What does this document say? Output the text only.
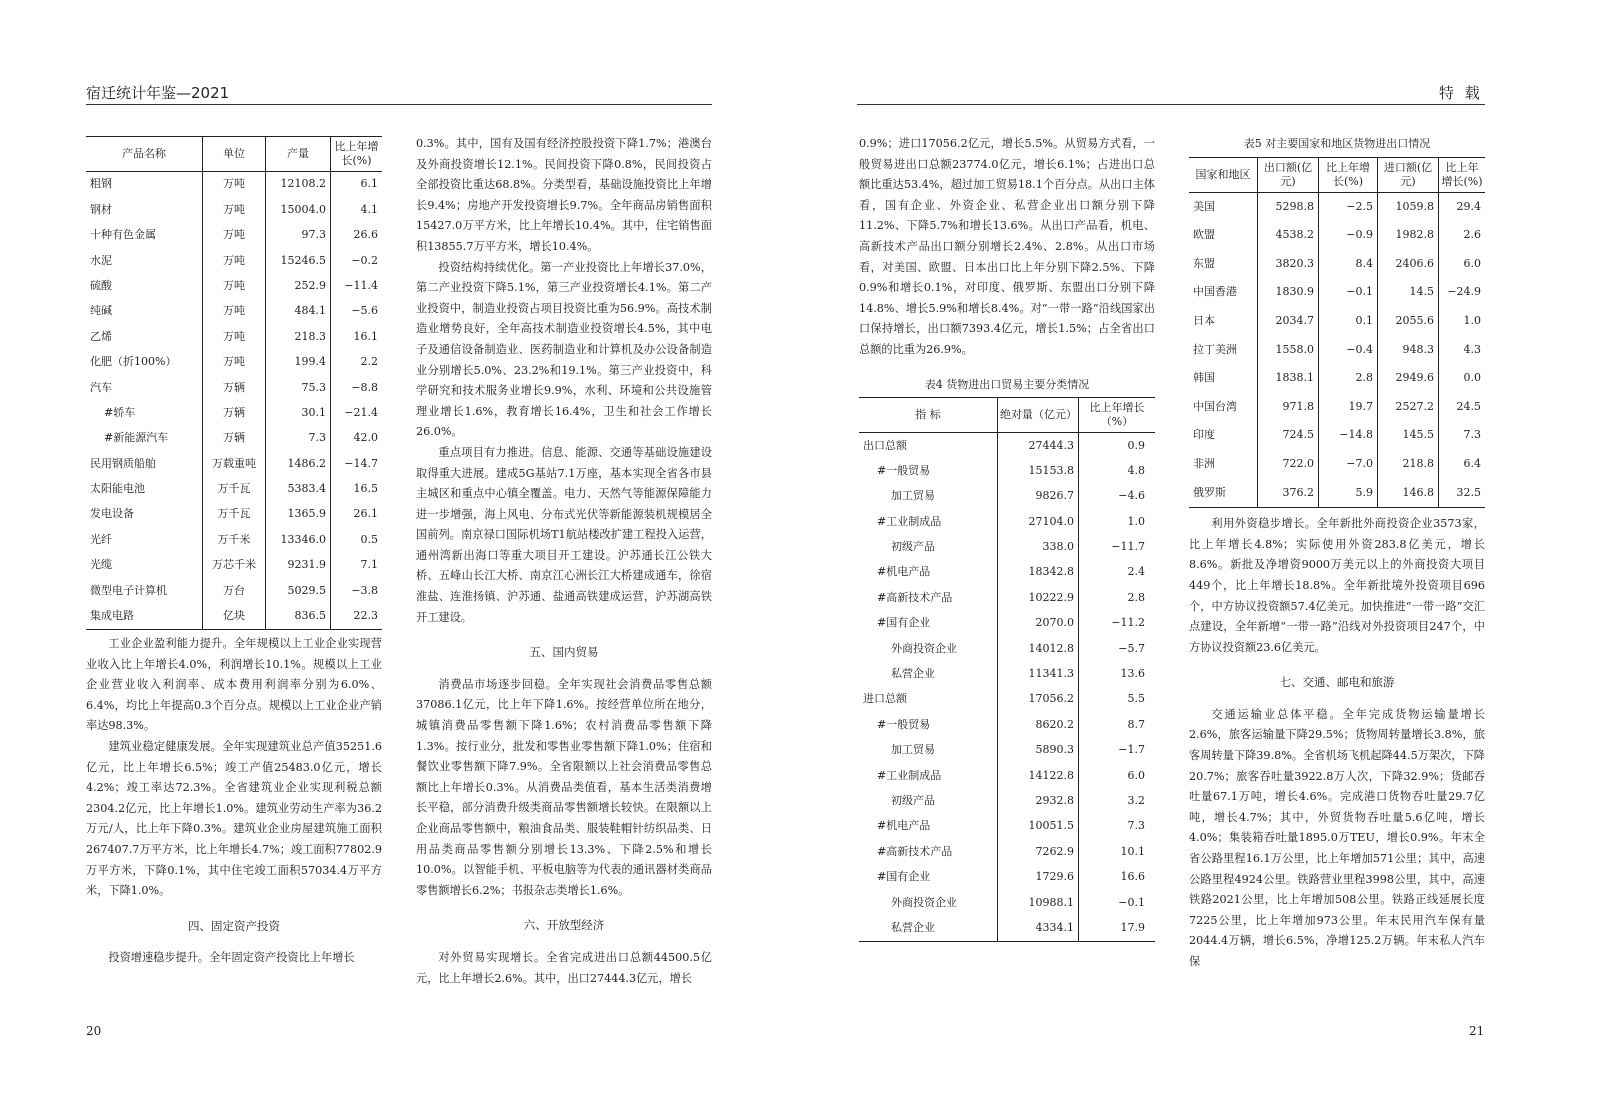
宿迁统计年鉴—2021
产品名称	单位	产量	比上年增长(%)
粗钢	万吨	12108.2	6.1
钢材	万吨	15004.0	4.1
十种有色金属	万吨	97.3	26.6
水泥	万吨	15246.5	−0.2
硫酸	万吨	252.9	−11.4
纯碱	万吨	484.1	−5.6
乙烯	万吨	218.3	16.1
化肥（折100%）	万吨	199.4	2.2
汽车	万辆	75.3	−8.8
#轿车	万辆	30.1	−21.4
#新能源汽车	万辆	7.3	42.0
民用钢质船舶	万载重吨	1486.2	−14.7
太阳能电池	万千瓦	5383.4	16.5
发电设备	万千瓦	1365.9	26.1
光纤	万千米	13346.0	0.5
光缆	万芯千米	9231.9	7.1
微型电子计算机	万台	5029.5	−3.8
集成电路	亿块	836.5	22.3

工业企业盈利能力提升。全年规模以上工业企业实现营业收入比上年增长4.0%，利润增长10.1%。规模以上工业企业营业收入利润率、成本费用利润率分别为6.0%、6.4%，均比上年提高0.3个百分点。规模以上工业企业产销率达98.3%。

建筑业稳定健康发展。全年实现建筑业总产值35251.6亿元，比上年增长6.5%；竣工产值25483.0亿元，增长4.2%；竣工率达72.3%。全省建筑业企业实现利税总额2304.2亿元，比上年增长1.0%。建筑业劳动生产率为36.2万元/人，比上年下降0.3%。建筑业企业房屋建筑施工面积267407.7万平方米，比上年增长4.7%；竣工面积77802.9万平方米，下降0.1%，其中住宅竣工面积57034.4万平方米，下降1.0%。

四、固定资产投资

投资增速稳步提升。全年固定资产投资比上年增长

0.3%。其中，国有及国有经济控股投资下降1.7%；港澳台及外商投资增长12.1%。民间投资下降0.8%，民间投资占全部投资比重达68.8%。分类型看，基础设施投资比上年增长9.4%；房地产开发投资增长9.7%。全年商品房销售面积15427.0万平方米，比上年增长10.4%。其中，住宅销售面积13855.7万平方米，增长10.4%。

投资结构持续优化。第一产业投资比上年增长37.0%，第二产业投资下降5.1%，第三产业投资增长4.1%。第二产业投资中，制造业投资占项目投资比重为56.9%。高技术制造业增势良好，全年高技术制造业投资增长4.5%，其中电子及通信设备制造业、医药制造业和计算机及办公设备制造业分别增长5.0%、23.2%和19.1%。第三产业投资中，科学研究和技术服务业增长9.9%，水利、环境和公共设施管理业增长1.6%，教育增长16.4%，卫生和社会工作增长26.0%。

重点项目有力推进。信息、能源、交通等基础设施建设取得重大进展。建成5G基站7.1万座，基本实现全省各市县主城区和重点中心镇全覆盖。电力、天然气等能源保障能力进一步增强，海上风电、分布式光伏等新能源装机规模居全国前列。南京禄口国际机场T1航站楼改扩建工程投入运营，通州湾新出海口等重大项目开工建设。沪苏通长江公铁大桥、五峰山长江大桥、南京江心洲长江大桥建成通车，徐宿淮盐、连淮扬镇、沪苏通、盐通高铁建成运营，沪苏湖高铁开工建设。

五、国内贸易

消费品市场逐步回稳。全年实现社会消费品零售总额37086.1亿元，比上年下降1.6%。按经营单位所在地分，城镇消费品零售额下降1.6%；农村消费品零售额下降1.3%。按行业分，批发和零售业零售额下降1.0%；住宿和餐饮业零售额下降7.9%。全省限额以上社会消费品零售总额比上年增长0.3%。从消费品类值看，基本生活类消费增长平稳，部分消费升级类商品零售额增长较快。在限额以上企业商品零售额中，粮油食品类、服装鞋帽针纺织品类、日用品类商品零售额分别增长13.3%、下降2.5%和增长10.0%。以智能手机、平板电脑等为代表的通讯器材类商品零售额增长6.2%；书报杂志类增长1.6%。

六、开放型经济

对外贸易实现增长。全省完成进出口总额44500.5亿元，比上年增长2.6%。其中，出口27444.3亿元，增长

20
特 载

0.9%；进口17056.2亿元，增长5.5%。从贸易方式看，一般贸易进出口总额23774.0亿元，增长6.1%；占进出口总额比重达53.4%，超过加工贸易18.1个百分点。从出口主体看，国有企业、外资企业、私营企业出口额分别下降11.2%、下降5.7%和增长13.6%。从出口产品看，机电、高新技术产品出口额分别增长2.4%、2.8%。从出口市场看，对美国、欧盟、日本出口比上年分别下降2.5%、下降0.9%和增长0.1%，对印度、俄罗斯、东盟出口分别下降14.8%、增长5.9%和增长8.4%。对“一带一路”沿线国家出口保持增长，出口额7393.4亿元，增长1.5%；占全省出口总额的比重为26.9%。

表4 货物进出口贸易主要分类情况
指 标	绝对量（亿元）	比上年增长（%）
出口总额	27444.3	0.9
#一般贸易	15153.8	4.8
加工贸易	9826.7	−4.6
#工业制成品	27104.0	1.0
初级产品	338.0	−11.7
#机电产品	18342.8	2.4
#高新技术产品	10222.9	2.8
#国有企业	2070.0	−11.2
外商投资企业	14012.8	−5.7
私营企业	11341.3	13.6
进口总额	17056.2	5.5
#一般贸易	8620.2	8.7
加工贸易	5890.3	−1.7
#工业制成品	14122.8	6.0
初级产品	2932.8	3.2
#机电产品	10051.5	7.3
#高新技术产品	7262.9	10.1
#国有企业	1729.6	16.6
外商投资企业	10988.1	−0.1
私营企业	4334.1	17.9
表5 对主要国家和地区货物进出口情况
国家和地区	出口额(亿元)	比上年增长(%)	进口额(亿元)	比上年增长(%)
美国	5298.8	−2.5	1059.8	29.4
欧盟	4538.2	−0.9	1982.8	2.6
东盟	3820.3	8.4	2406.6	6.0
中国香港	1830.9	−0.1	14.5	−24.9
日本	2034.7	0.1	2055.6	1.0
拉丁美洲	1558.0	−0.4	948.3	4.3
韩国	1838.1	2.8	2949.6	0.0
中国台湾	971.8	19.7	2527.2	24.5
印度	724.5	−14.8	145.5	7.3
非洲	722.0	−7.0	218.8	6.4
俄罗斯	376.2	5.9	146.8	32.5

利用外资稳步增长。全年新批外商投资企业3573家，比上年增长4.8%；实际使用外资283.8亿美元，增长8.6%。新批及净增资9000万美元以上的外商投资大项目449个，比上年增长18.8%。全年新批境外投资项目696个，中方协议投资额57.4亿美元。加快推进“一带一路”交汇点建设，全年新增“一带一路”沿线对外投资项目247个，中方协议投资额23.6亿美元。

七、交通、邮电和旅游

交通运输业总体平稳。全年完成货物运输量增长2.6%，旅客运输量下降29.5%；货物周转量增长3.8%，旅客周转量下降39.8%。全省机场飞机起降44.5万架次，下降20.7%；旅客吞吐量3922.8万人次，下降32.9%；货邮吞吐量67.1万吨，增长4.6%。完成港口货物吞吐量29.7亿吨，增长4.7%；其中，外贸货物吞吐量5.6亿吨，增长4.0%；集装箱吞吐量1895.0万TEU，增长0.9%。年末全省公路里程16.1万公里，比上年增加571公里；其中，高速公路里程4924公里。铁路营业里程3998公里，其中，高速铁路2021公里，比上年增加508公里。铁路正线延展长度7225公里，比上年增加973公里。年末民用汽车保有量2044.4万辆，增长6.5%，净增125.2万辆。年末私人汽车保

21
